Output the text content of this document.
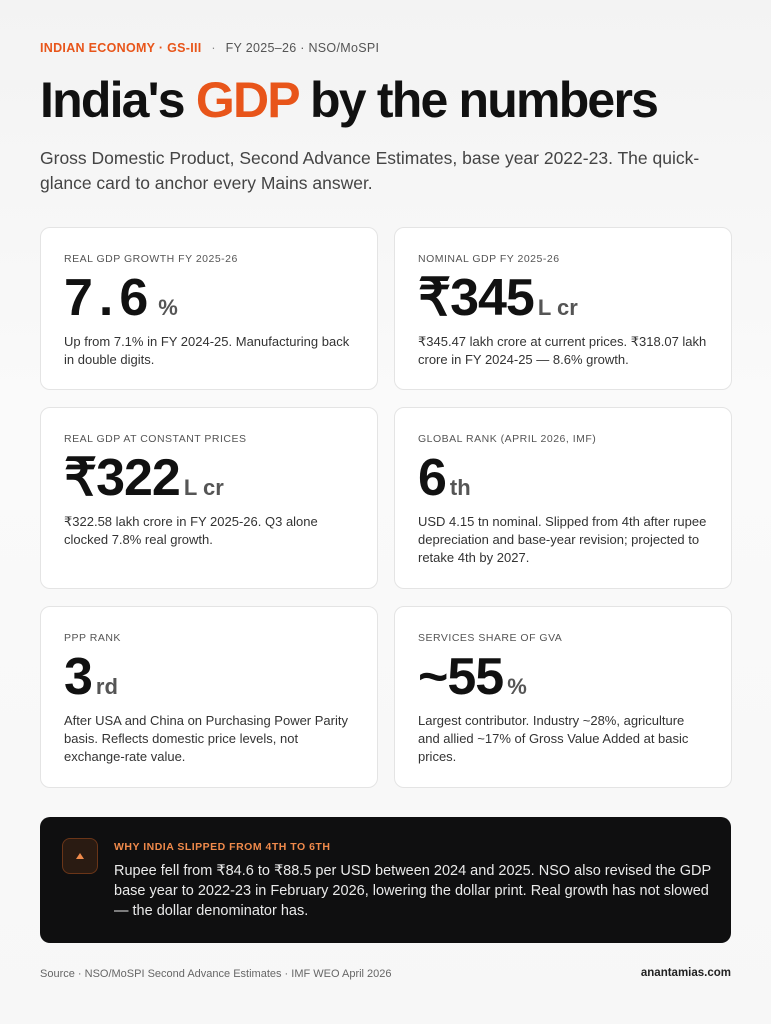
INDIAN ECONOMY · GS-III · FY 2025–26 · NSO/MoSPI
India's GDP by the numbers

Gross Domestic Product, Second Advance Estimates, base year 2022-23. The quick-glance card to anchor every Mains answer.

REAL GDP GROWTH FY 2025-26
7.6 %
Up from 7.1% in FY 2024-25. Manufacturing back in double digits.
NOMINAL GDP FY 2025-26
₹345 L cr
₹345.47 lakh crore at current prices. ₹318.07 lakh crore in FY 2024-25 — 8.6% growth.
REAL GDP AT CONSTANT PRICES
₹322 L cr
₹322.58 lakh crore in FY 2025-26. Q3 alone clocked 7.8% real growth.
GLOBAL RANK (APRIL 2026, IMF)
6 th
USD 4.15 tn nominal. Slipped from 4th after rupee depreciation and base-year revision; projected to retake 4th by 2027.
PPP RANK
3 rd
After USA and China on Purchasing Power Parity basis. Reflects domestic price levels, not exchange-rate value.
SERVICES SHARE OF GVA
~55 %
Largest contributor. Industry ~28%, agriculture and allied ~17% of Gross Value Added at basic prices.
WHY INDIA SLIPPED FROM 4TH TO 6TH

Rupee fell from ₹84.6 to ₹88.5 per USD between 2024 and 2025. NSO also revised the GDP base year to 2022-23 in February 2026, lowering the dollar print. Real growth has not slowed — the dollar denominator has.

Source · NSO/MoSPI Second Advance Estimates · IMF WEO April 2026	anantamias.com
